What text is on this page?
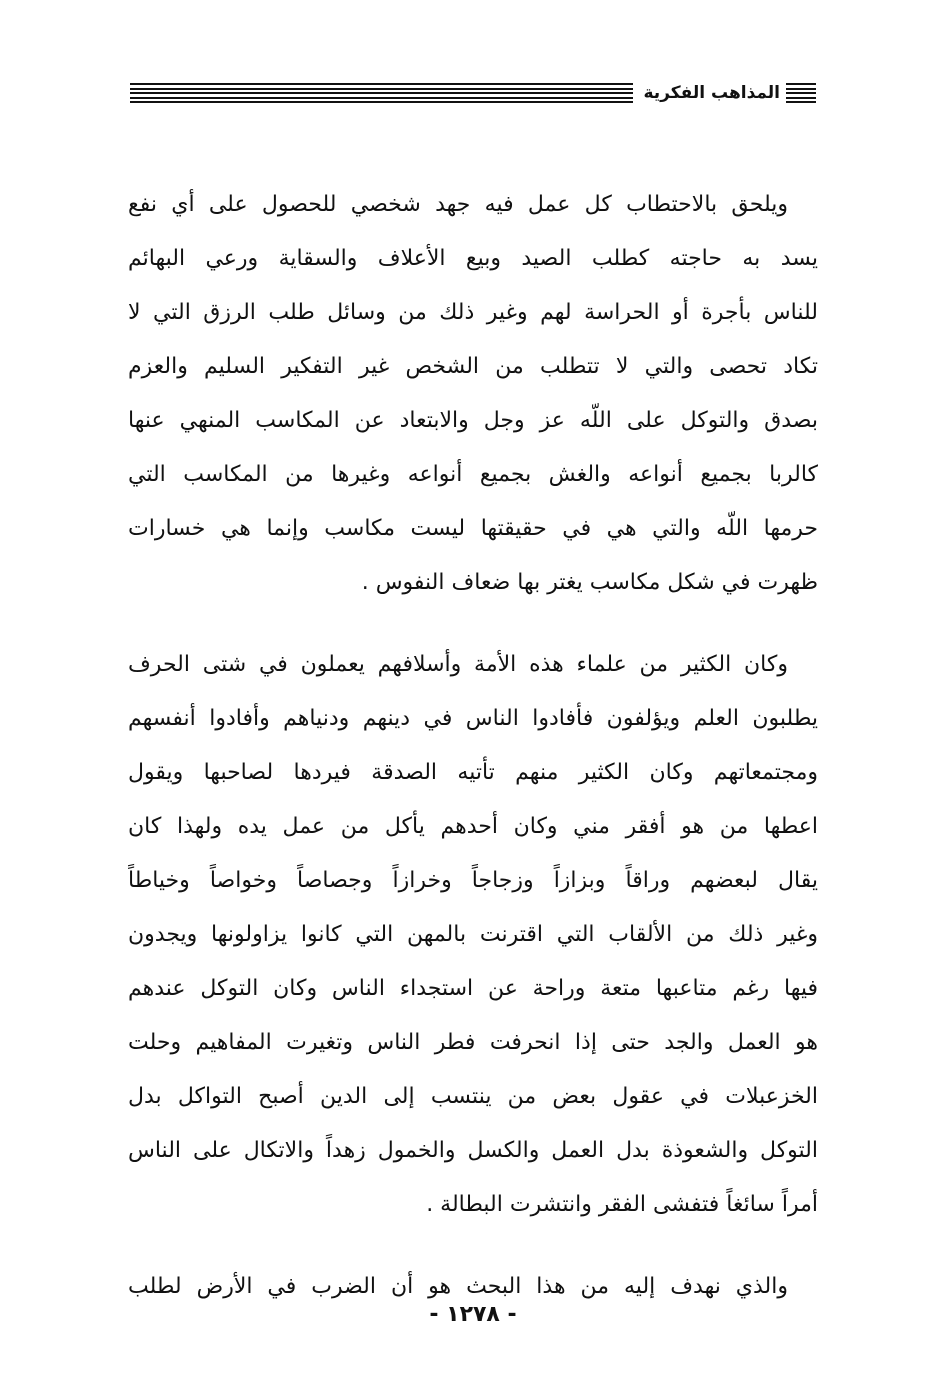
المذاهب الفكرية
ويلحق بالاحتطاب كل عمل فيه جهد شخصي للحصول على أي نفع
يسد به حاجته كطلب الصيد وبيع الأعلاف والسقاية ورعي البهائم
للناس بأجرة أو الحراسة لهم وغير ذلك من وسائل طلب الرزق التي لا
تكاد تحصى والتي لا تتطلب من الشخص غير التفكير السليم والعزم
بصدق والتوكل على اللّه عز وجل والابتعاد عن المكاسب المنهي عنها
كالربا بجميع أنواعه والغش بجميع أنواعه وغيرها من المكاسب التي
حرمها اللّه والتي هي في حقيقتها ليست مكاسب وإنما هي خسارات
ظهرت في شكل مكاسب يغتر بها ضعاف النفوس .
وكان الكثير من علماء هذه الأمة وأسلافهم يعملون في شتى الحرف
يطلبون العلم ويؤلفون فأفادوا الناس في دينهم ودنياهم وأفادوا أنفسهم
ومجتمعاتهم وكان الكثير منهم تأتيه الصدقة فيردها لصاحبها ويقول
اعطها من هو أفقر مني وكان أحدهم يأكل من عمل يده ولهذا كان
يقال لبعضهم وراقاً وبزازاً وزجاجاً وخرازاً وجصاصاً وخواصاً وخياطاً
وغير ذلك من الألقاب التي اقترنت بالمهن التي كانوا يزاولونها ويجدون
فيها رغم متاعبها متعة وراحة عن استجداء الناس وكان التوكل عندهم
هو العمل والجد حتى إذا انحرفت فطر الناس وتغيرت المفاهيم وحلت
الخزعبلات في عقول بعض من ينتسب إلى الدين أصبح التواكل بدل
التوكل والشعوذة بدل العمل والكسل والخمول زهداً والاتكال على الناس
أمراً سائغاً فتفشى الفقر وانتشرت البطالة .
والذي نهدف إليه من هذا البحث هو أن الضرب في الأرض لطلب
- ١٢٧٨ -
